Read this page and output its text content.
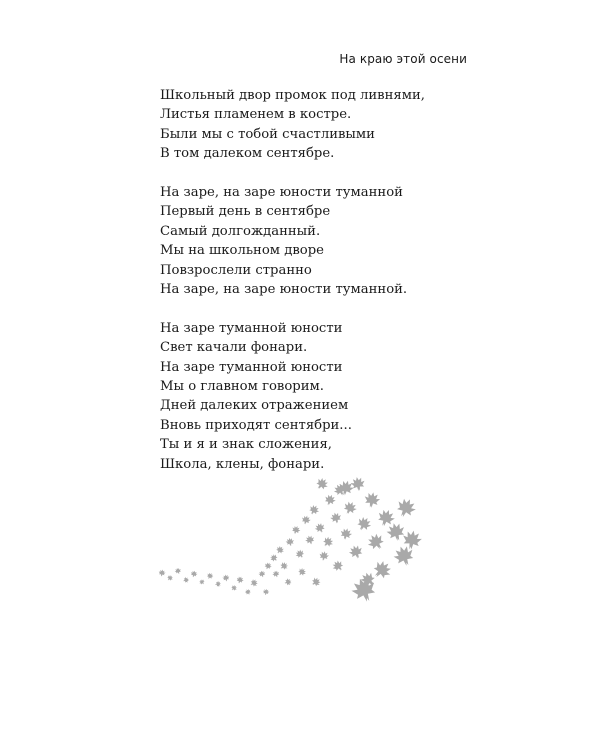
На краю этой осени
Школьный двор промок под ливнями,
Листья пламенем в костре.
Были мы с тобой счастливыми
В том далеком сентябре.
На заре, на заре юности туманной
Первый день в сентябре
Самый долгожданный.
Мы на школьном дворе
Повзрослели странно
На заре, на заре юности туманной.
На заре туманной юности
Свет качали фонари.
На заре туманной юности
Мы о главном говорим.
Дней далеких отражением
Вновь приходят сентябри...
Ты и я и знак сложения,
Школа, клены, фонари.
